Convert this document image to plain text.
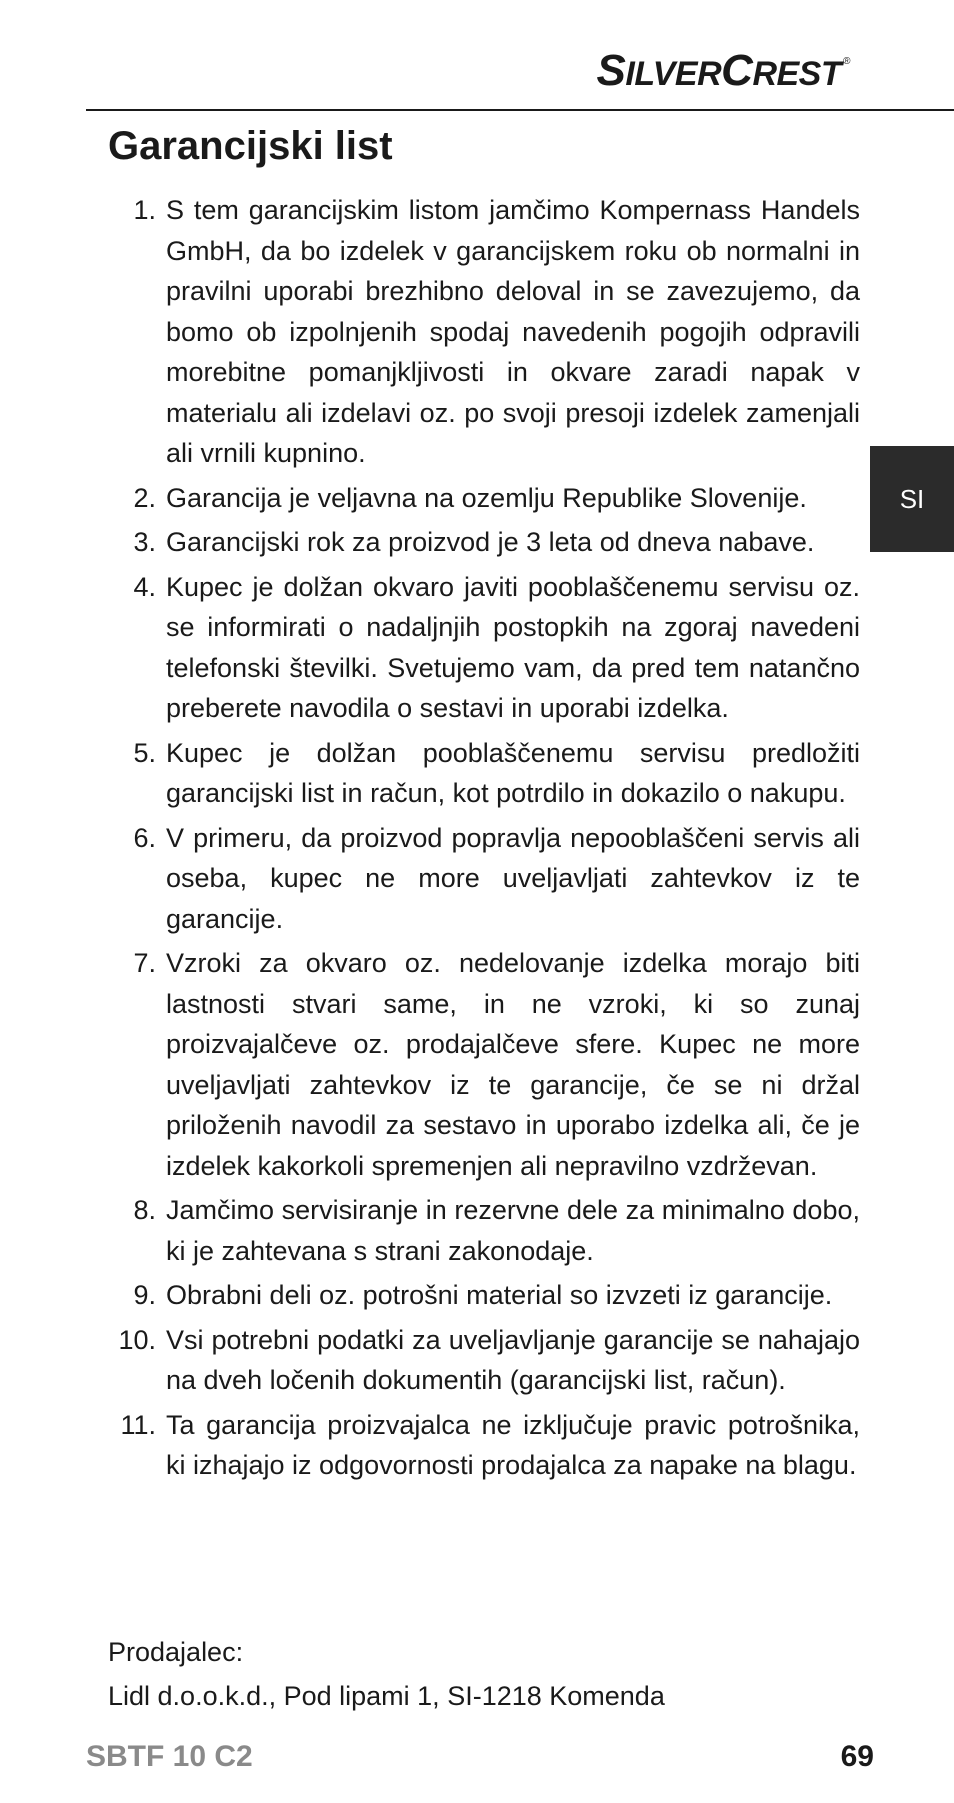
SILVERCREST ®
Garancijski list
SI
1. S tem garancijskim listom jamčimo Kompernass Handels GmbH, da bo izdelek v garancijskem roku ob normalni in pravilni uporabi brezhibno deloval in se zavezujemo, da bomo ob izpolnjenih spodaj navedenih pogojih odpravili morebitne pomanjkljivosti in okvare zaradi napak v materialu ali izdelavi oz. po svoji presoji izdelek zamenjali ali vrnili kupnino.
2. Garancija je veljavna na ozemlju Republike Slovenije.
3. Garancijski rok za proizvod je 3 leta od dneva nabave.
4. Kupec je dolžan okvaro javiti pooblaščenemu servisu oz. se informirati o nadaljnjih postopkih na zgoraj navedeni telefonski številki. Svetujemo vam, da pred tem natančno preberete navodila o sestavi in uporabi izdelka.
5. Kupec je dolžan pooblaščenemu servisu predložiti garancijski list in račun, kot potrdilo in dokazilo o nakupu.
6. V primeru, da proizvod popravlja nepooblaščeni servis ali oseba, kupec ne more uveljavljati zahtevkov iz te garancije.
7. Vzroki za okvaro oz. nedelovanje izdelka morajo biti lastnosti stvari same, in ne vzroki, ki so zunaj proizvajalčeve oz. prodajalčeve sfere. Kupec ne more uveljavljati zahtevkov iz te garancije, če se ni držal priloženih navodil za sestavo in uporabo izdelka ali, če je izdelek kakorkoli spremenjen ali nepravilno vzdrževan.
8. Jamčimo servisiranje in rezervne dele za minimalno dobo, ki je zahtevana s strani zakonodaje.
9. Obrabni deli oz. potrošni material so izvzeti iz garancije.
10. Vsi potrebni podatki za uveljavljanje garancije se nahajajo na dveh ločenih dokumentih (garancijski list, račun).
11. Ta garancija proizvajalca ne izključuje pravic potrošnika, ki izhajajo iz odgovornosti prodajalca za napake na blagu.
Prodajalec:
Lidl d.o.o.k.d., Pod lipami 1, SI-1218 Komenda
SBTF 10 C2	69
